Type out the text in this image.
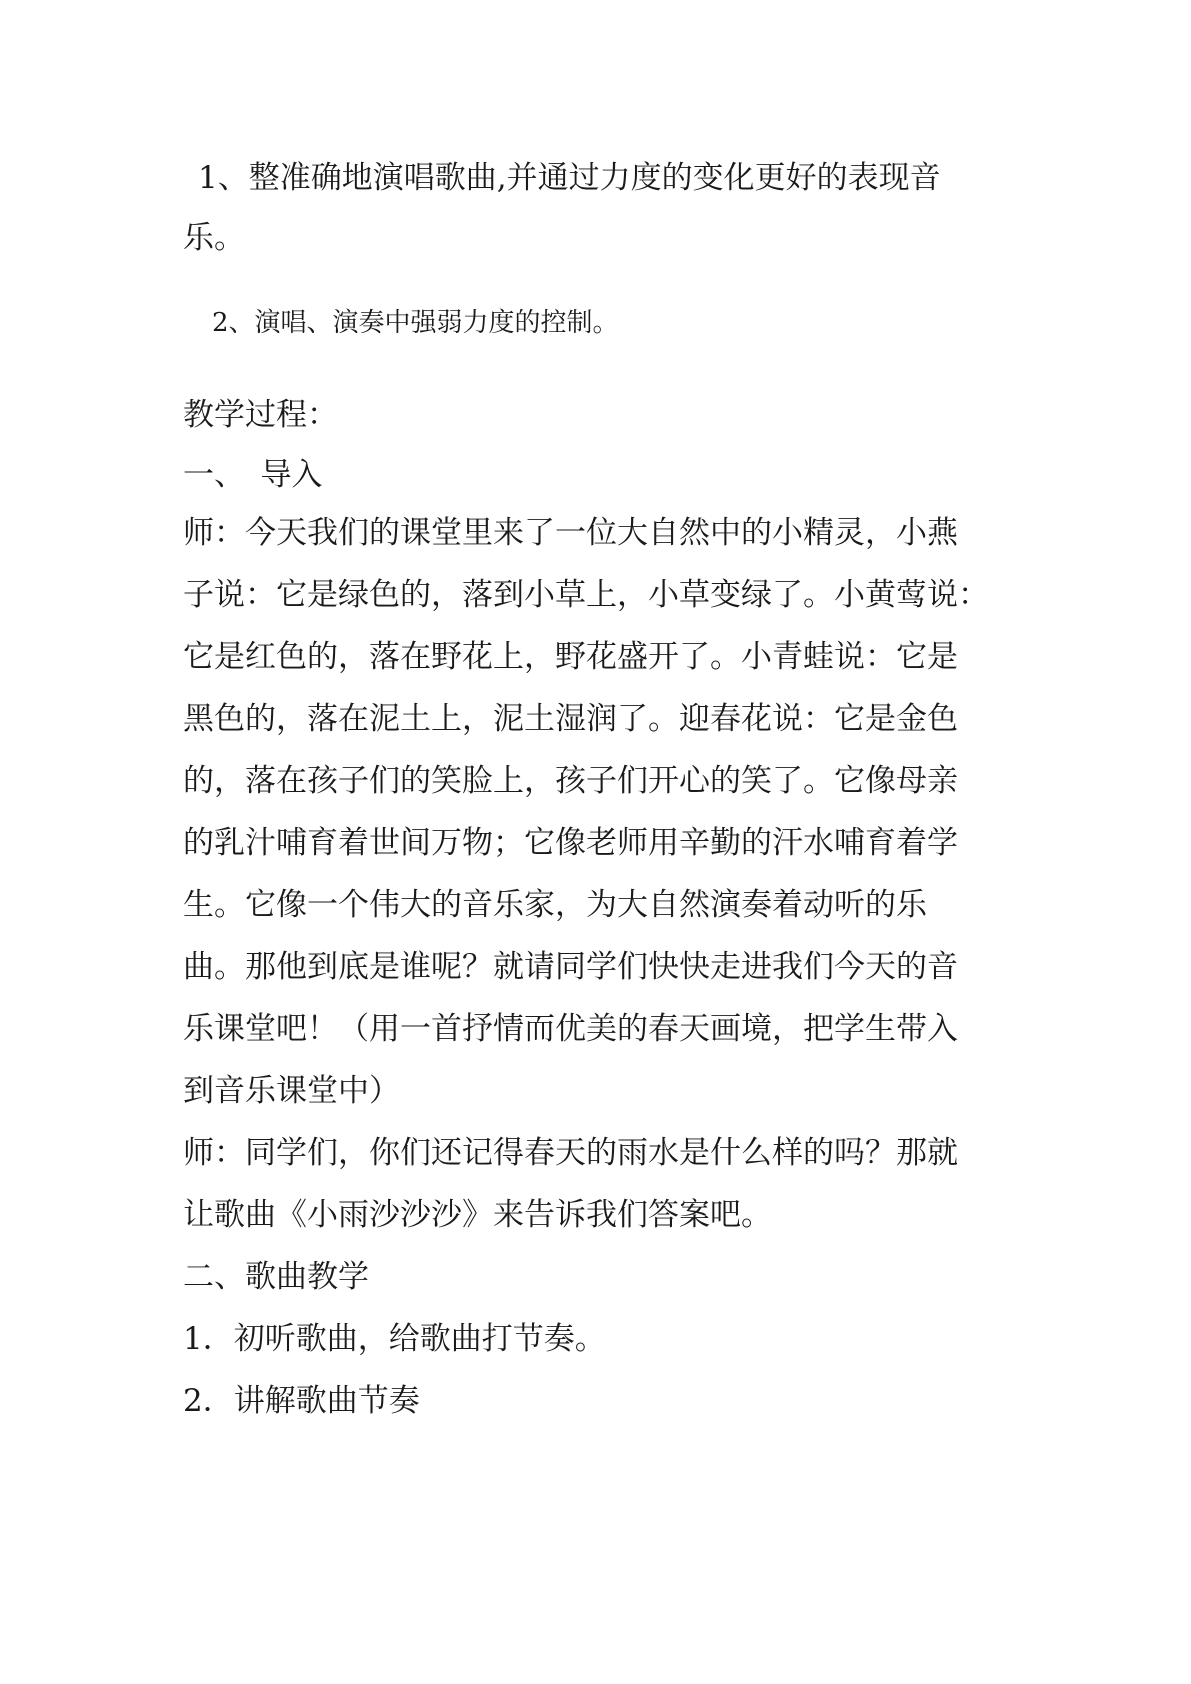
1、整准确地演唱歌曲,并通过力度的变化更好的表现音
乐。
2、演唱、演奏中强弱力度的控制。
教学过程：
一、　导入
师：今天我们的课堂里来了一位大自然中的小精灵，小燕
子说：它是绿色的，落到小草上，小草变绿了。小黄莺说：
它是红色的，落在野花上，野花盛开了。小青蛙说：它是
黑色的，落在泥土上，泥土湿润了。迎春花说：它是金色
的，落在孩子们的笑脸上，孩子们开心的笑了。它像母亲
的乳汁哺育着世间万物；它像老师用辛勤的汗水哺育着学
生。它像一个伟大的音乐家，为大自然演奏着动听的乐
曲。那他到底是谁呢？就请同学们快快走进我们今天的音
乐课堂吧！（用一首抒情而优美的春天画境，把学生带入
到音乐课堂中）
师：同学们，你们还记得春天的雨水是什么样的吗？那就
让歌曲《小雨沙沙沙》来告诉我们答案吧。
二、歌曲教学
1．初听歌曲，给歌曲打节奏。
2．讲解歌曲节奏
